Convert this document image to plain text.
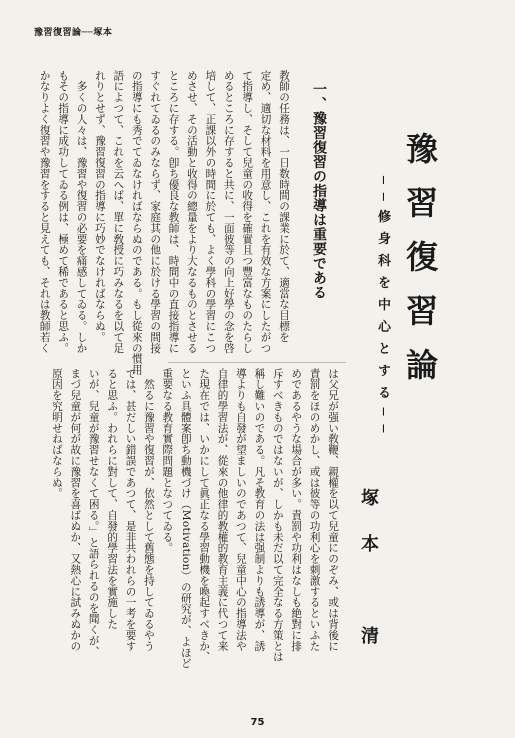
豫習復習論──塚本
豫習復習論
──修身科を中心とする──
塚本　清
一、豫習復習の指導は重要である

教師の任務は、一日数時間の課業に於て、適當な目標を

定め、適切な材料を用意し、これを有效な方案にしたがつ

て指導し、そして兒童の收得を確實且つ豐富なものたらし

めるところに存すると共に、一面彼等の向上好學の念を啓

培して、正課以外の時間に於ても、よく學科の學習にこつ

めさせ、その活動と收得の總量をより大なるものとさせる

ところに存する。卽ち優良な教師は、時間中の直接指導に

すぐれてゐるのみならず、家庭其の他に於ける學習の間接

の指導にも秀でてゐなければならぬのである。もし從來の慣用

語によつて、これを云へば、單に敎授に巧みなるを以て足

れりとせず、豫習復習の指導に巧妙でなければならぬ。

　多くの人々は、豫習や復習の必要を痛感してゐる。しか

もその指導に成功してゐる例は、極めて稀であると思ふ。

かなりよく復習や豫習をすると見えても、それは教師若く

は父兄が强い敎鞭、親權を以て兒童にのぞみ、或は背後に

責罰をほのめかし、或は彼等の功利心を刺激するといふた

めであるやうな場合が多い。責罰や功利はなしも絶對に排

斥すべきものではないが、しかも未だ以て完全なる方策とは

稱し難いのである。凡そ教育の法は强制よりも誘導が、誘

導よりも自發が望ましいのであつて、兒童中心の指導法や

自律的學習法が、從來の他律的教權的教育主義に代つて来

た現在では、いかにして眞正なる學習動機を喚起すべきか、

といふ具體案卽ち動機づけ（Motivation）の研究が、よほど

重要なる教育實際問題となつてゐる。

　然るに豫習や復習が、依然として舊態を持してゐるやう

では、甚だしい錯誤であつて、是非共われらの一考を要す

ると思ふ。われらに對して、自發的學習法を實施した

いが、兒童が豫習せなくて困る。」と語られるのを聞くが、

まづ兒童が何が故に豫習を喜ばぬか、又熱心に試みぬかの

原因を究明せねばならぬ。

75
